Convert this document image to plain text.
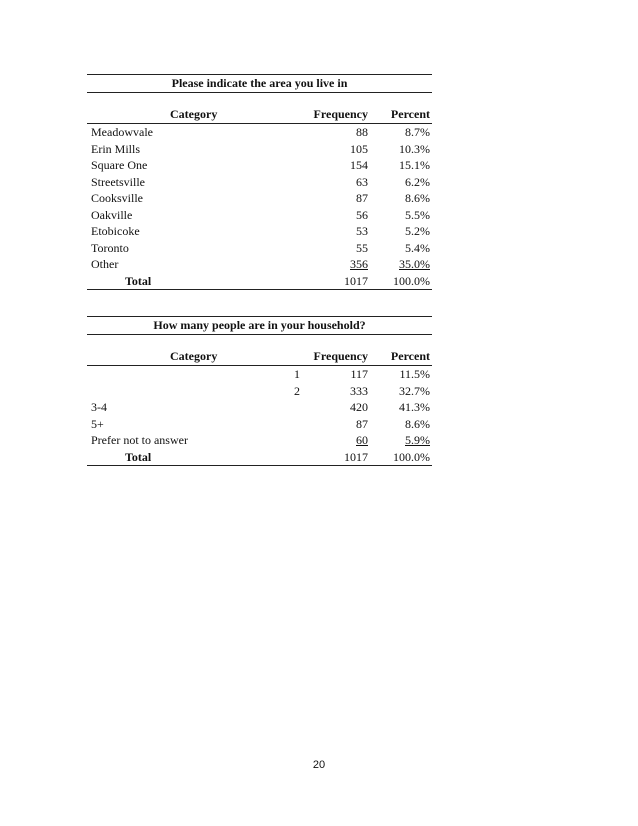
Please indicate the area you live in
Category	Frequency Percent
Meadowvale	88	8.7%
Erin Mills	105	10.3%
Square One	154	15.1%
Streetsville	63	6.2%
Cooksville	87	8.6%
Oakville	56	5.5%
Etobicoke	53	5.2%
Toronto	55	5.4%
Other	356	35.0%
Total	1017 100.0%
How many people are in your household?
Category	Frequency Percent
1	117	11.5%
2	333	32.7%
3-4	420	41.3%
5+	87	8.6%
Prefer not to answer	60	5.9%
Total	1017 100.0%
20
